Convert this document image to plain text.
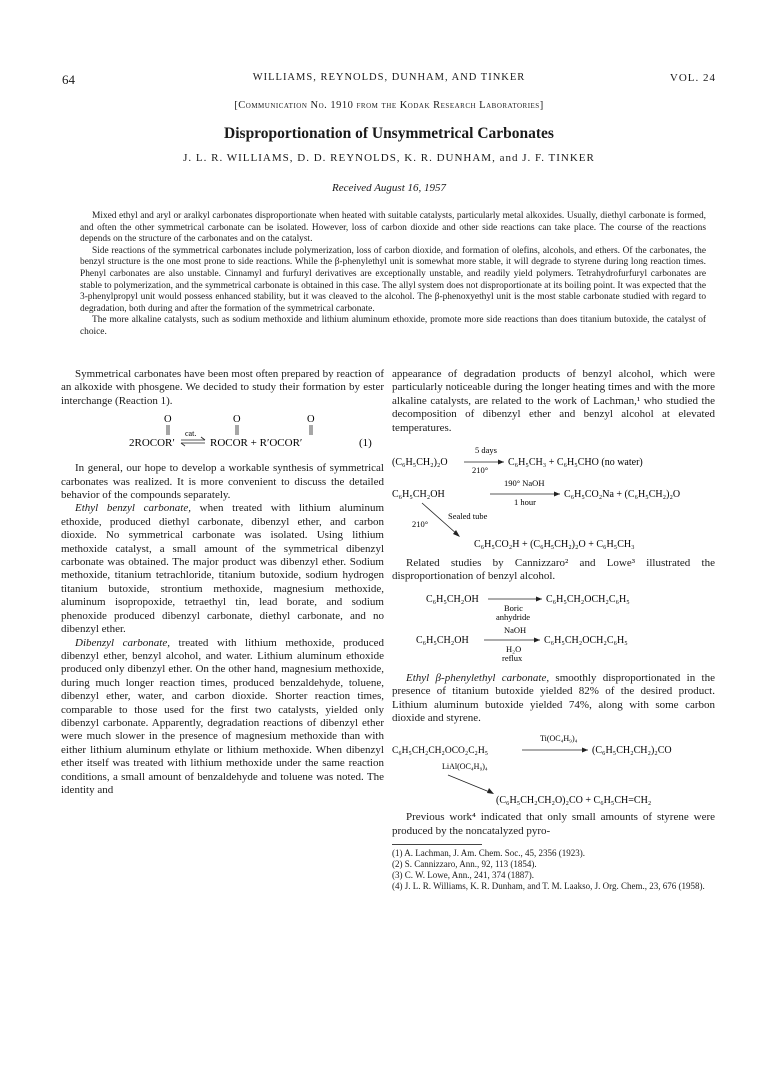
64	WILLIAMS, REYNOLDS, DUNHAM, AND TINKER	VOL. 24
[Communication No. 1910 from the Kodak Research Laboratories]
Disproportionation of Unsymmetrical Carbonates
J. L. R. WILLIAMS, D. D. REYNOLDS, K. R. DUNHAM, and J. F. TINKER
Received August 16, 1957

Mixed ethyl and aryl or aralkyl carbonates disproportionate when heated with suitable catalysts, particularly metal alkoxides. Usually, diethyl carbonate is formed, and often the other symmetrical carbonate can be isolated. However, loss of carbon dioxide and other side reactions can take place. The course of the reactions depends on the structure of the carbonates and on the catalyst.

Side reactions of the symmetrical carbonates include polymerization, loss of carbon dioxide, and formation of olefins, alcohols, and ethers. Of the carbonates, the benzyl structure is the one most prone to side reactions. While the β-phenylethyl unit is somewhat more stable, it will degrade to styrene during long reaction times. Phenyl carbonates are also unstable. Cinnamyl and furfuryl derivatives are exceptionally unstable, and readily yield polymers. Tetrahydrofurfuryl carbonates are stable to polymerization, and the symmetrical carbonate is obtained in this case. The allyl system does not disproportionate at its boiling point. It was expected that the 3-phenylpropyl unit would possess enhanced stability, but it was cleaved to the alcohol. The β-phenoxyethyl unit is the most stable carbonate studied with regard to degradation, both during and after the formation of the symmetrical carbonate.

The more alkaline catalysts, such as sodium methoxide and lithium aluminum ethoxide, promote more side reactions than does titanium butoxide, the catalyst of choice.

Symmetrical carbonates have been most often prepared by reaction of an alkoxide with phosgene. We decided to study their formation by ester interchange (Reaction 1).

O	O	O
2ROCOR′
cat.
ROCOR + R′OCOR′	(1)

In general, our hope to develop a workable synthesis of symmetrical carbonates was realized. It is more convenient to discuss the detailed behavior of the compounds separately.

Ethyl benzyl carbonate, when treated with lithium aluminum ethoxide, produced diethyl carbonate, dibenzyl ether, and carbon dioxide. No symmetrical carbonate was isolated. Using lithium methoxide catalyst, a small amount of the symmetrical dibenzyl carbonate was obtained. The major product was dibenzyl ether. Sodium methoxide, titanium tetrachloride, titanium butoxide, sodium hydrogen titanium butoxide, strontium methoxide, magnesium methoxide, aluminum isopropoxide, tetraethyl tin, lead borate, and sodium phenoxide produced dibenzyl carbonate, diethyl carbonate, and no dibenzyl ether.

Dibenzyl carbonate, treated with lithium methoxide, produced dibenzyl ether, benzyl alcohol, and water. Lithium aluminum ethoxide produced only dibenzyl ether. On the other hand, magnesium methoxide, during much longer reaction times, produced benzaldehyde, toluene, dibenzyl ether, water, and carbon dioxide. Shorter reaction times, comparable to those used for the first two catalysts, yielded only dibenzyl carbonate. Apparently, degradation reactions of dibenzyl ether were much slower in the presence of magnesium methoxide than with either lithium aluminum ethylate or lithium methoxide. When dibenzyl ether itself was treated with lithium methoxide under the same reaction conditions, a small amount of benzaldehyde and toluene was noted. The identity and

appearance of degradation products of benzyl alcohol, which were particularly noticeable during the longer heating times and with the more alkaline catalysts, are related to the work of Lachman,¹ who studied the decomposition of dibenzyl ether and benzyl alcohol at elevated temperatures.

(C₆H₅CH₂)₂O
5 days
210°
C₆H₅CH₃ + C₆H₅CHO (no water)
C₆H₅CH₂OH
190° NaOH
1 hour
C₆H₅CO₂Na + (C₆H₅CH₂)₂O
210°
Sealed tube
C₆H₅CO₂H + (C₆H₅CH₂)₂O + C₆H₅CH₃

Related studies by Cannizzaro² and Lowe³ illustrated the disproportionation of benzyl alcohol.

C₆H₅CH₂OH
Boric
anhydride
C₆H₅CH₂OCH₂C₆H₅
C₆H₅CH₂OH
NaOH
H₂O
reflux
C₆H₅CH₂OCH₂C₆H₅

Ethyl β-phenylethyl carbonate, smoothly disproportionated in the presence of titanium butoxide yielded 82% of the desired product. Lithium aluminum butoxide yielded 74%, along with some carbon dioxide and styrene.

Ti(OC₄H₉)₄
C₆H₅CH₂CH₂OCO₂C₂H₅	(C₆H₅CH₂CH₂)₂CO
LiAl(OC₄H₉)₄
(C₆H₅CH₂CH₂O)₂CO + C₆H₅CH=CH₂

Previous work⁴ indicated that only small amounts of styrene were produced by the noncatalyzed pyro-

(1) A. Lachman, J. Am. Chem. Soc., 45, 2356 (1923).
(2) S. Cannizzaro, Ann., 92, 113 (1854).
(3) C. W. Lowe, Ann., 241, 374 (1887).
(4) J. L. R. Williams, K. R. Dunham, and T. M. Laakso, J. Org. Chem., 23, 676 (1958).
